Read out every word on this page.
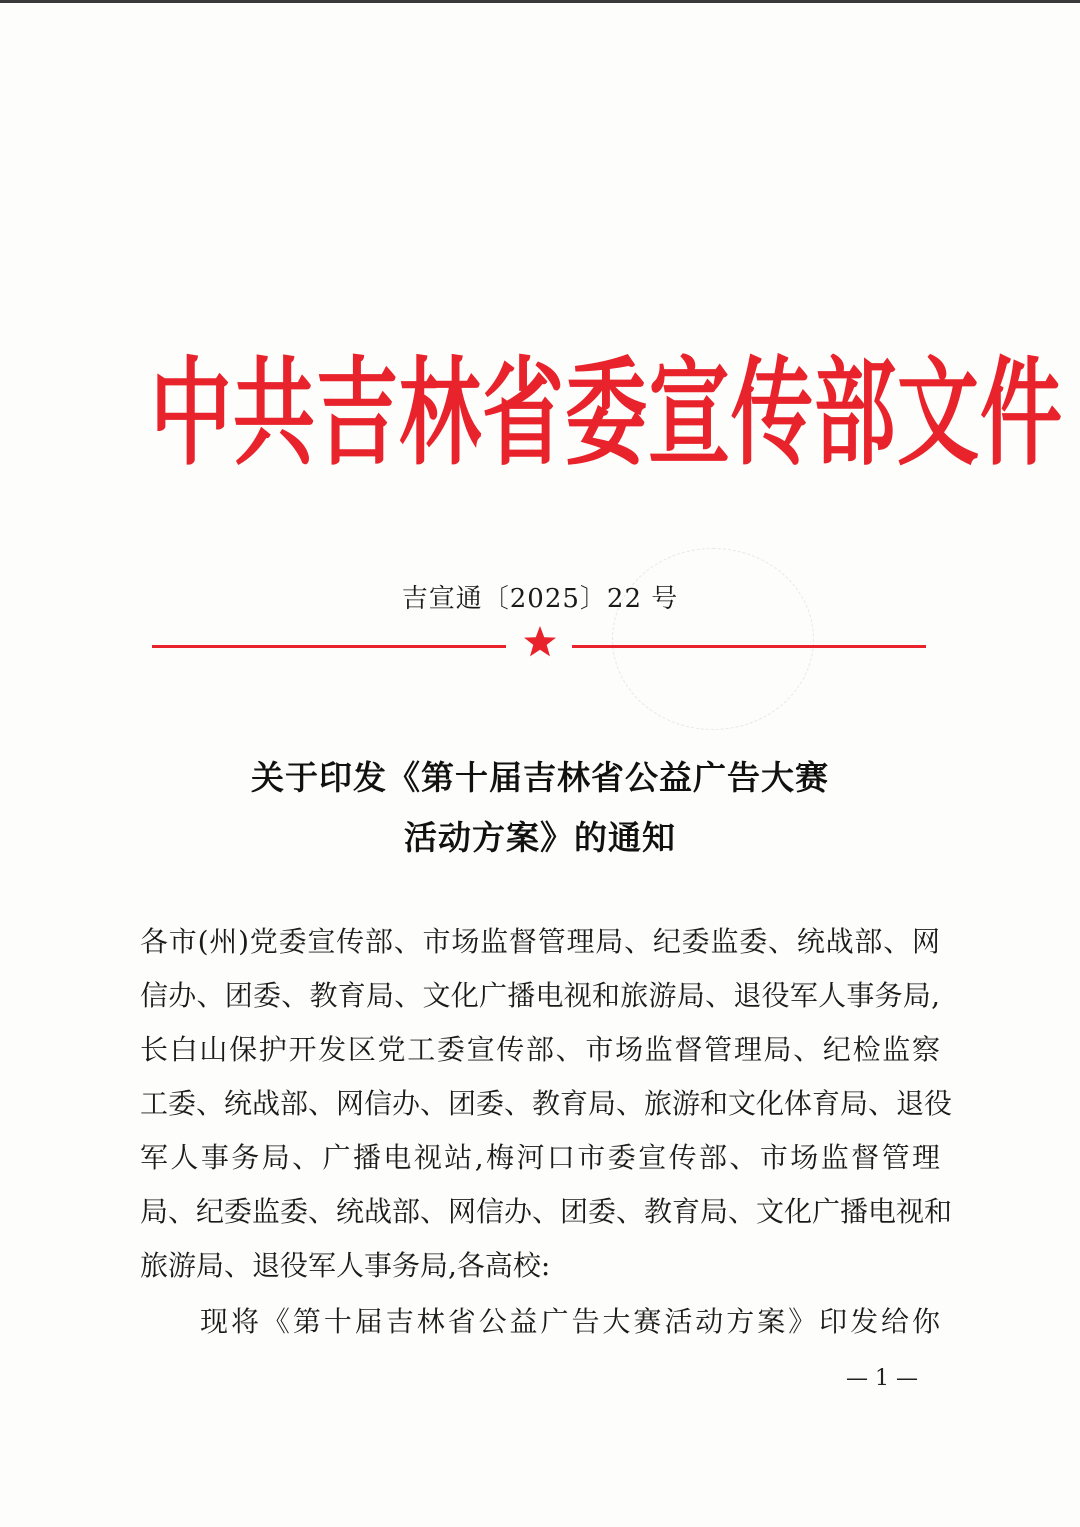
中共吉林省委宣传部文件
吉宣通〔2025〕22 号
关于印发《第十届吉林省公益广告大赛
活动方案》的通知
各市(州)党委宣传部、市场监督管理局、纪委监委、统战部、网
信办、团委、教育局、文化广播电视和旅游局、退役军人事务局,
长白山保护开发区党工委宣传部、市场监督管理局、纪检监察
工委、统战部、网信办、团委、教育局、旅游和文化体育局、退役
军人事务局、广播电视站,梅河口市委宣传部、市场监督管理
局、纪委监委、统战部、网信办、团委、教育局、文化广播电视和
旅游局、退役军人事务局,各高校:
现将《第十届吉林省公益广告大赛活动方案》印发给你
— 1 —
